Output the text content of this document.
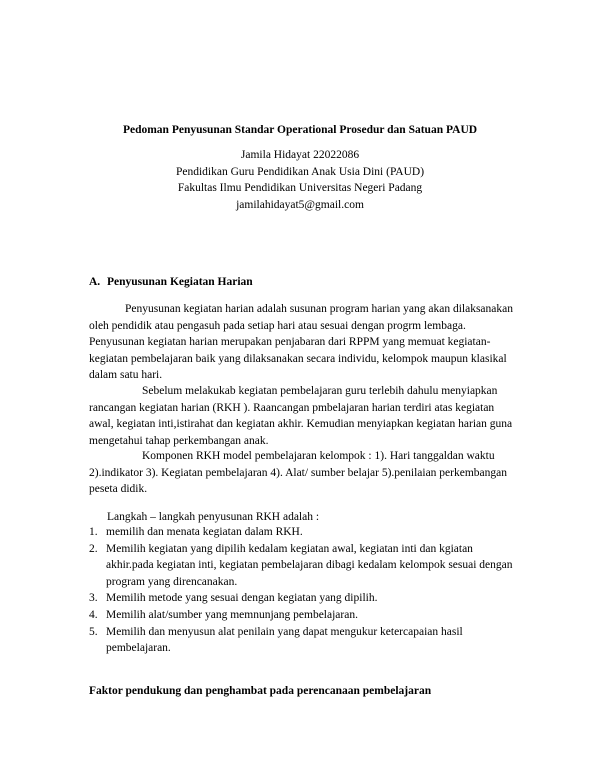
Pedoman Penyusunan Standar Operational Prosedur dan Satuan PAUD
Jamila Hidayat 22022086
Pendidikan Guru Pendidikan Anak Usia Dini (PAUD)
Fakultas Ilmu Pendidikan Universitas Negeri Padang
jamilahidayat5@gmail.com
A. Penyusunan Kegiatan Harian
Penyusunan kegiatan harian adalah susunan program harian yang akan dilaksanakan
oleh pendidik atau pengasuh pada setiap hari atau sesuai dengan progrm lembaga.
Penyusunan kegiatan harian merupakan penjabaran dari RPPM yang memuat kegiatan-
kegiatan pembelajaran baik yang dilaksanakan secara individu, kelompok maupun klasikal
dalam satu hari.
Sebelum melakukab kegiatan pembelajaran guru terlebih dahulu menyiapkan
rancangan kegiatan harian (RKH ). Raancangan pmbelajaran harian terdiri atas kegiatan
awal, kegiatan inti,istirahat dan kegiatan akhir. Kemudian menyiapkan kegiatan harian guna
mengetahui tahap perkembangan anak.
Komponen RKH model pembelajaran kelompok : 1). Hari tanggaldan waktu
2).indikator 3). Kegiatan pembelajaran 4). Alat/ sumber belajar 5).penilaian perkembangan
peseta didik.
Langkah – langkah penyusunan RKH adalah :
1. memilih dan menata kegiatan dalam RKH.
2. Memilih kegiatan yang dipilih kedalam kegiatan awal, kegiatan inti dan kgiatan
akhir.pada kegiatan inti, kegiatan pembelajaran dibagi kedalam kelompok sesuai dengan
program yang direncanakan.
3. Memilih metode yang sesuai dengan kegiatan yang dipilih.
4. Memilih alat/sumber yang memnunjang pembelajaran.
5. Memilih dan menyusun alat penilain yang dapat mengukur ketercapaian hasil
pembelajaran.
Faktor pendukung dan penghambat pada perencanaan pembelajaran
